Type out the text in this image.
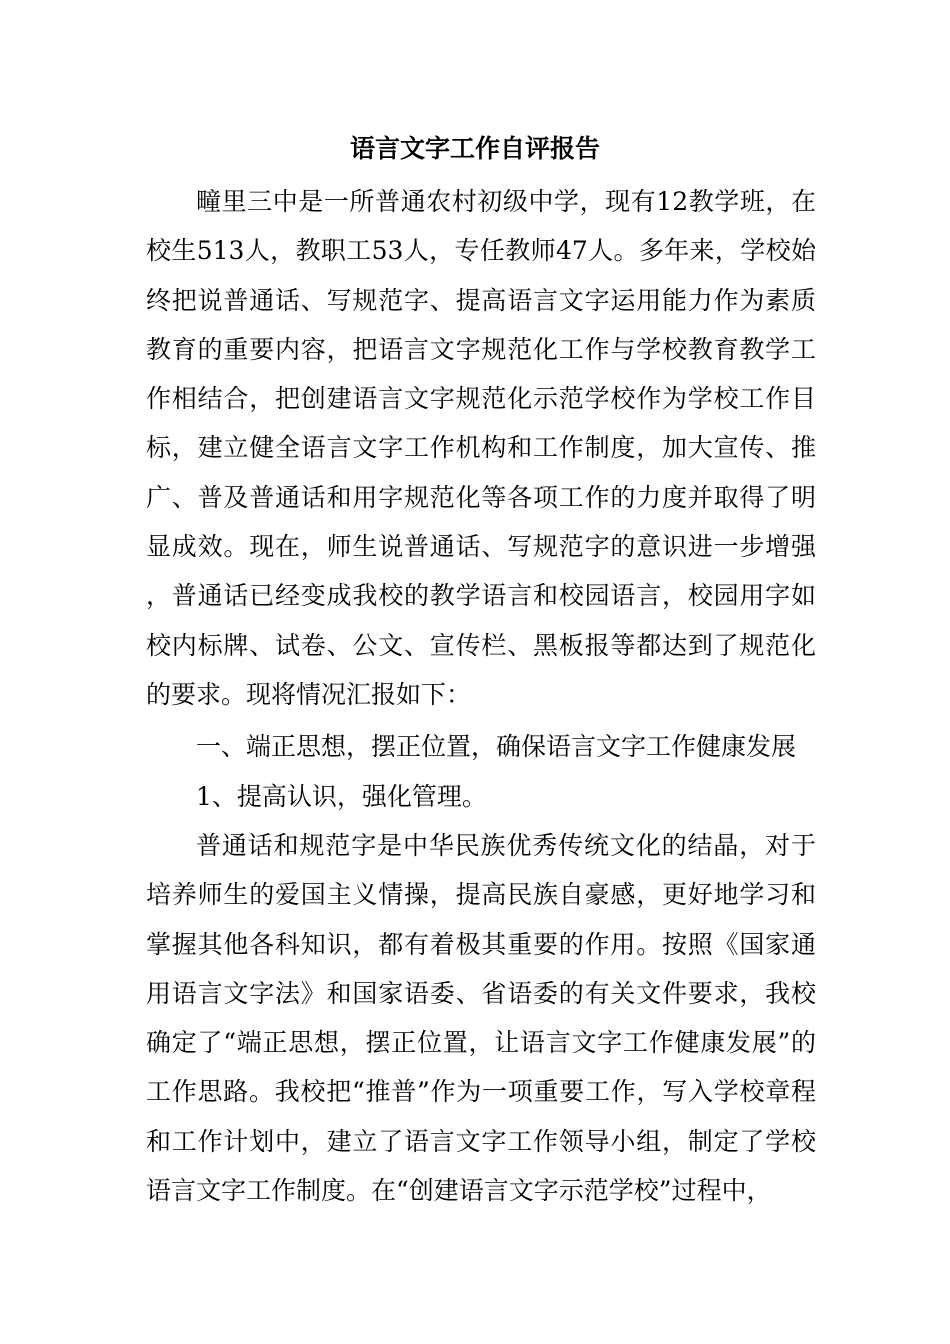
语言文字工作自评报告

疃里三中是一所普通农村初级中学，现有12教学班，在校生513人，教职工53人，专任教师47人。多年来，学校始终把说普通话、写规范字、提高语言文字运用能力作为素质教育的重要内容，把语言文字规范化工作与学校教育教学工作相结合，把创建语言文字规范化示范学校作为学校工作目标，建立健全语言文字工作机构和工作制度，加大宣传、推广、普及普通话和用字规范化等各项工作的力度并取得了明显成效。现在，师生说普通话、写规范字的意识进一步增强，普通话已经变成我校的教学语言和校园语言，校园用字如校内标牌、试卷、公文、宣传栏、黑板报等都达到了规范化的要求。现将情况汇报如下：

一、端正思想，摆正位置，确保语言文字工作健康发展

1、提高认识，强化管理。

普通话和规范字是中华民族优秀传统文化的结晶，对于培养师生的爱国主义情操，提高民族自豪感，更好地学习和掌握其他各科知识，都有着极其重要的作用。按照《国家通用语言文字法》和国家语委、省语委的有关文件要求，我校确定了“端正思想，摆正位置，让语言文字工作健康发展”的工作思路。我校把“推普”作为一项重要工作，写入学校章程和工作计划中，建立了语言文字工作领导小组，制定了学校语言文字工作制度。在“创建语言文字示范学校”过程中，
